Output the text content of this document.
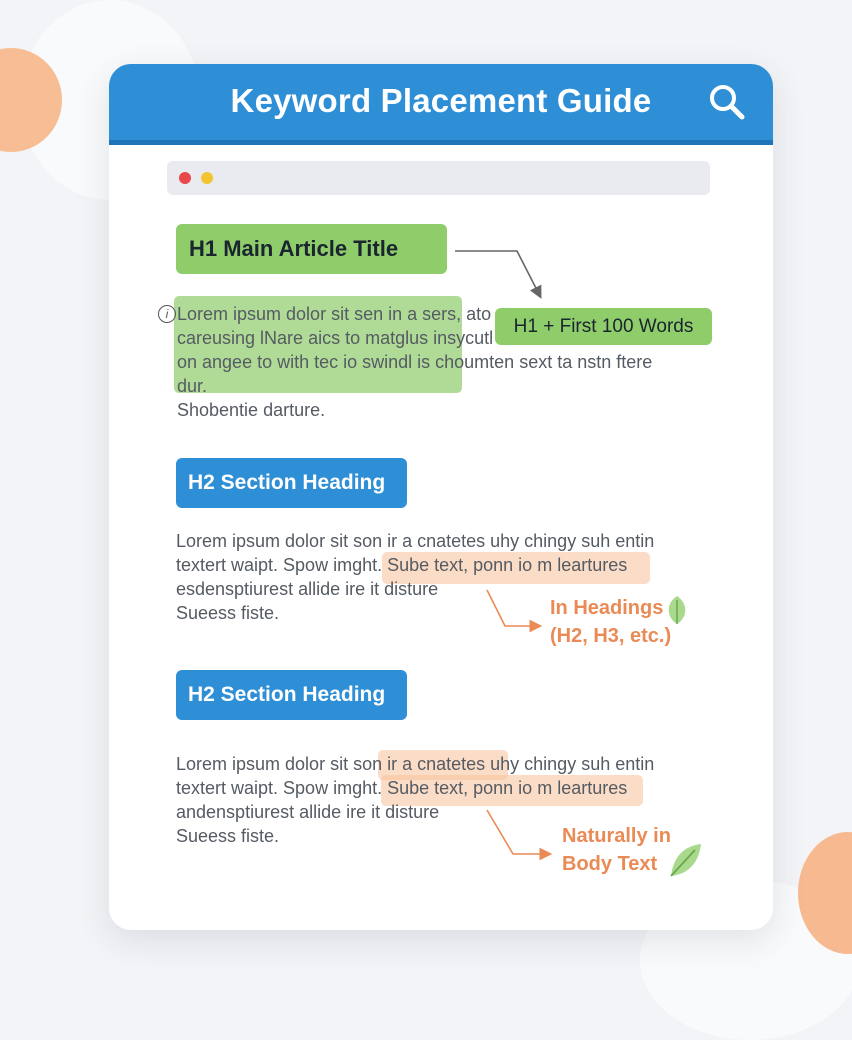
Keyword Placement Guide
H1 Main Article Title
i Lorem ipsum dolor sit sen in a sers, ato
careusing lNare aics to matglus insycutl
on angee to with tec io swindl is choumten sext ta nstn ftere
dur.
Shobentie darture.
H1 + First 100 Words
H2 Section Heading
Lorem ipsum dolor sit son ir a cnatetes uhy chingy suh entin
textert waipt. Spow imght. Sube text, ponn io m leartures
esdensptiurest allide ire it disture
Sueess fiste.	In Headings
(H2, H3, etc.)
H2 Section Heading
Lorem ipsum dolor sit son ir a cnatetes uhy chingy suh entin
textert waipt. Spow imght. Sube text, ponn io m leartures
andensptiurest allide ire it disture
Sueess fiste.	Naturally in
Body Text
